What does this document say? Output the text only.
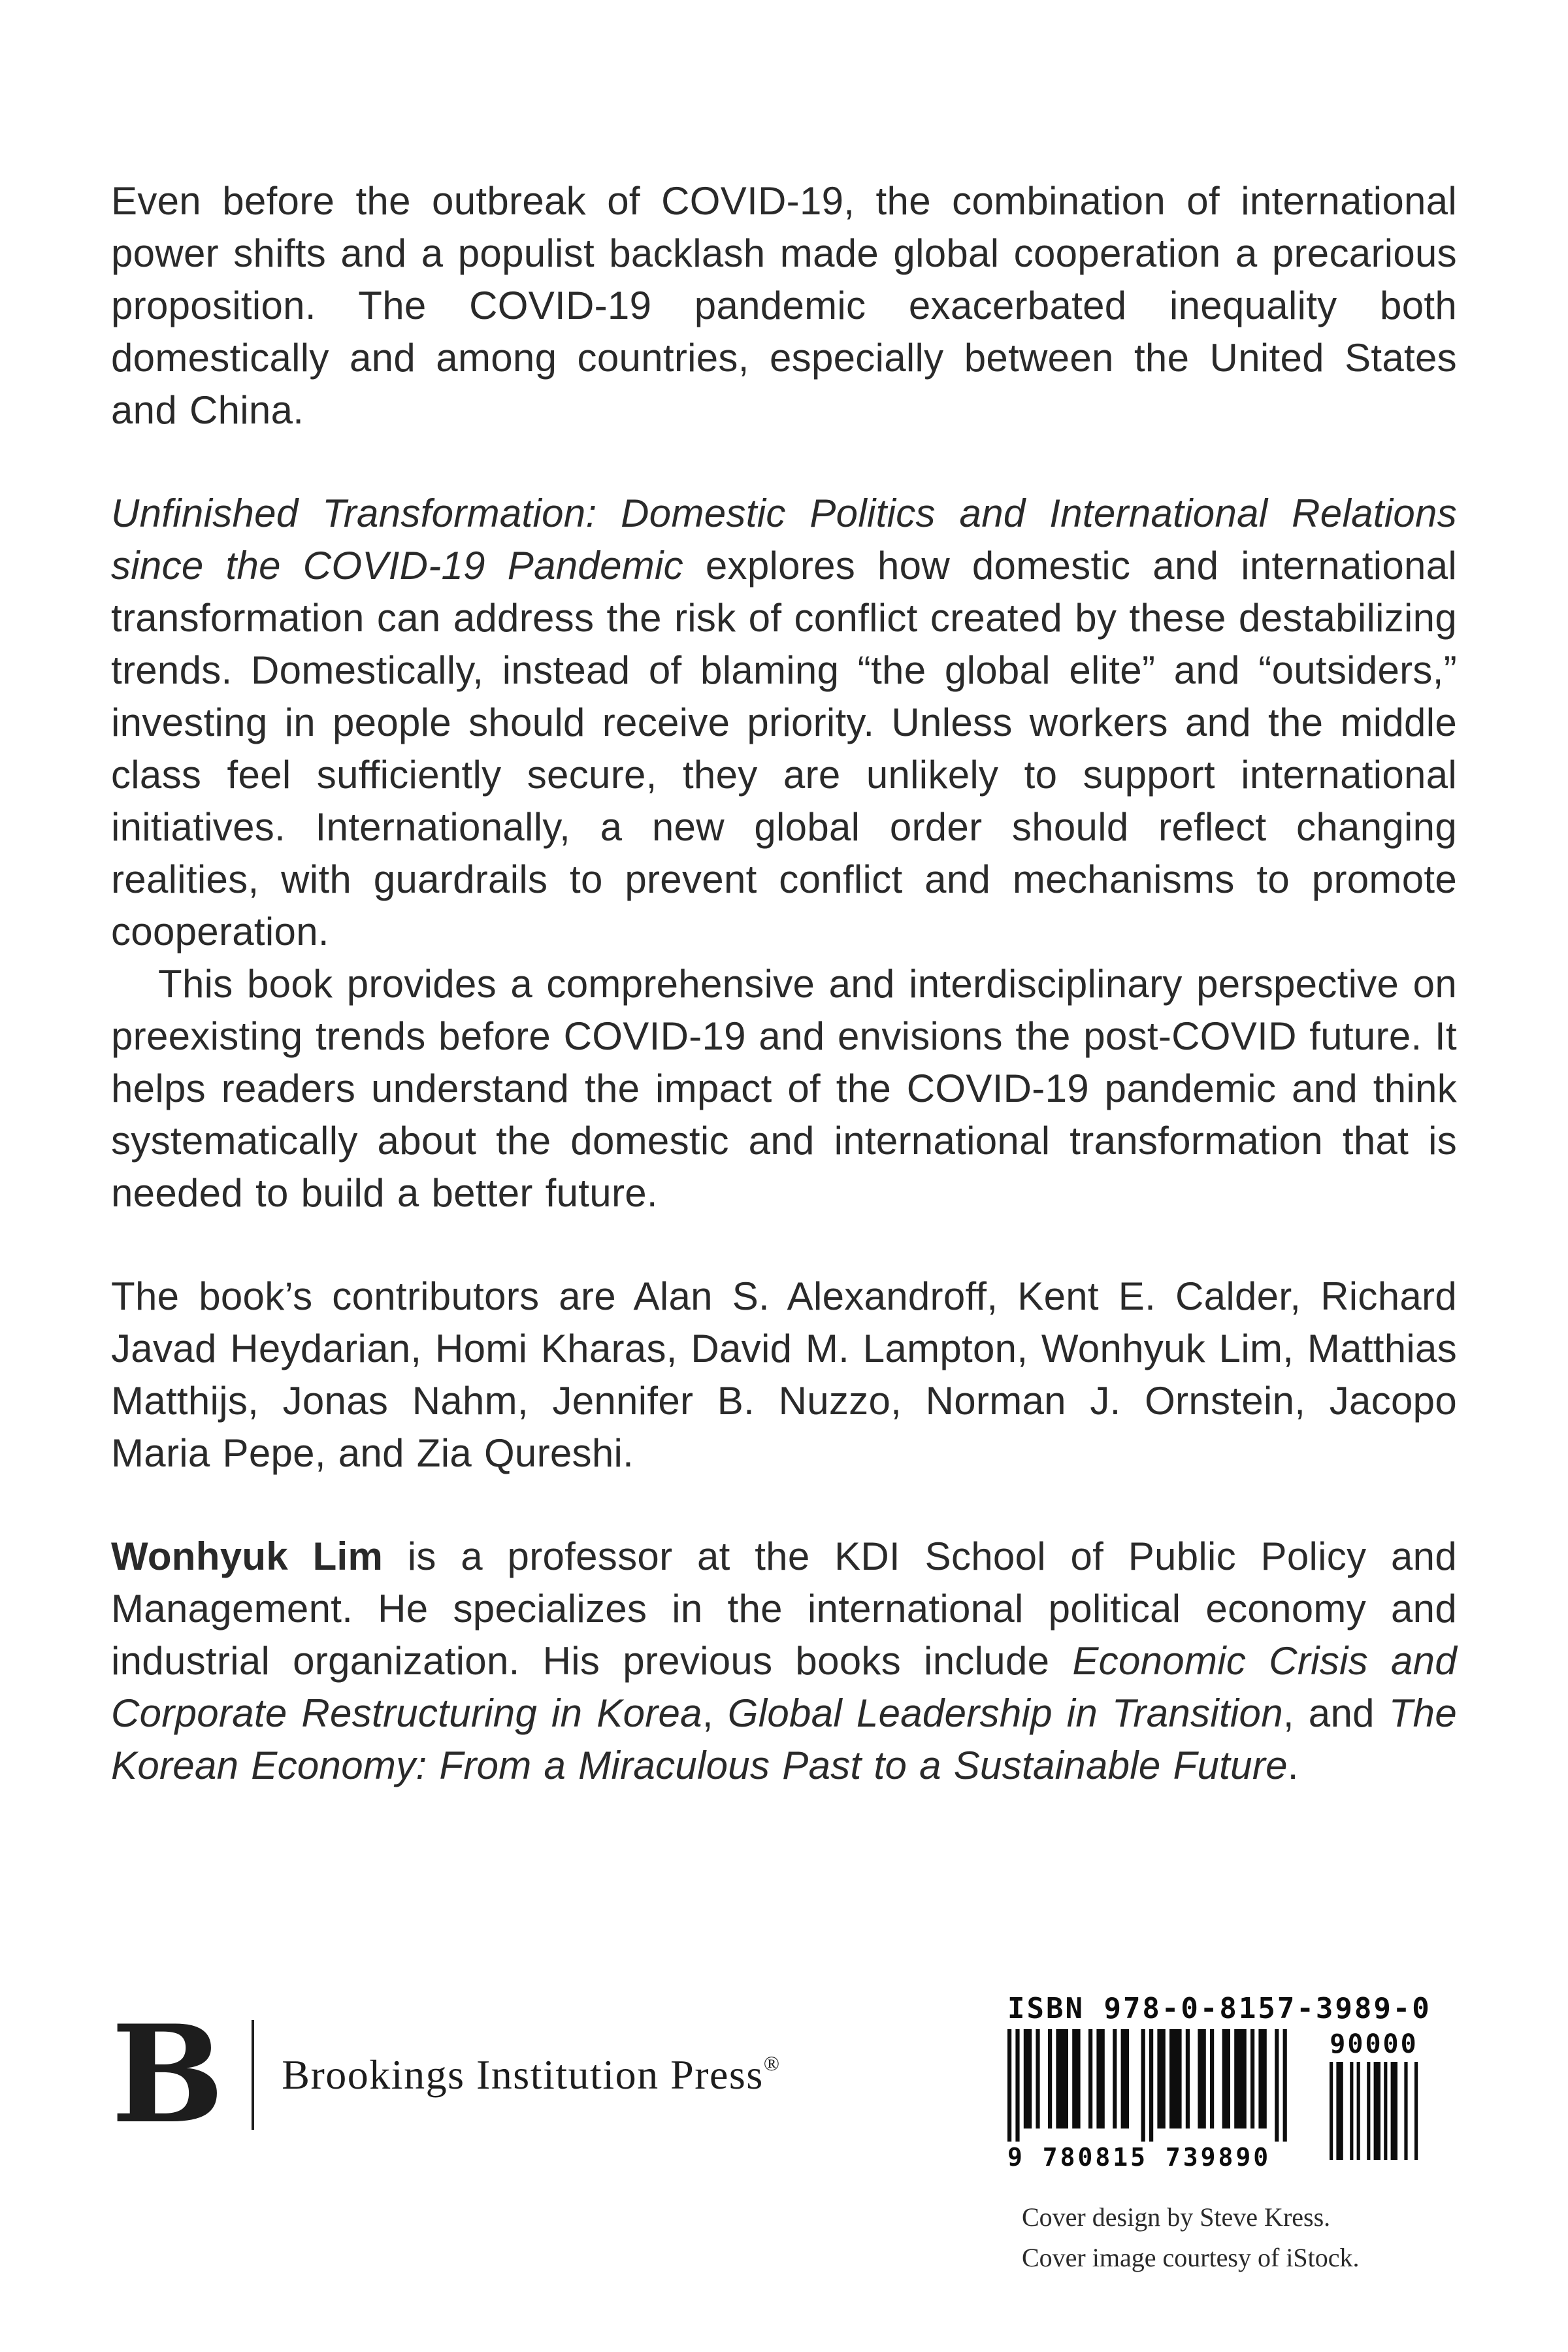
Even before the outbreak of COVID-19, the combination of international power shifts and a populist backlash made global cooperation a precarious proposition. The COVID-19 pandemic exacerbated inequality both domestically and among countries, especially between the United States and China.

Unfinished Transformation: Domestic Politics and International Relations since the COVID-19 Pandemic explores how domestic and international transformation can address the risk of conflict created by these destabilizing trends. Domestically, instead of blaming “the global elite” and “outsiders,” investing in people should receive priority. Unless workers and the middle class feel sufficiently secure, they are unlikely to support international initiatives. Internationally, a new global order should reflect changing realities, with guardrails to prevent conflict and mechanisms to promote cooperation.

This book provides a comprehensive and interdisciplinary perspective on preexisting trends before COVID-19 and envisions the post-COVID future. It helps readers understand the impact of the COVID-19 pandemic and think systematically about the domestic and international transformation that is needed to build a better future.

The book’s contributors are Alan S. Alexandroff, Kent E. Calder, Richard Javad Heydarian, Homi Kharas, David M. Lampton, Wonhyuk Lim, Matthias Matthijs, Jonas Nahm, Jennifer B. Nuzzo, Norman J. Ornstein, Jacopo Maria Pepe, and Zia Qureshi.

Wonhyuk Lim is a professor at the KDI School of Public Policy and Management. He specializes in the international political economy and industrial organization. His previous books include Economic Crisis and Corporate Restructuring in Korea, Global Leadership in Transition, and The Korean Economy: From a Miraculous Past to a Sustainable Future.

B Brookings Institution Press®
ISBN 978-0-8157-3989-0
9 780815 739890
90000
Cover design by Steve Kress.
Cover image courtesy of iStock.
